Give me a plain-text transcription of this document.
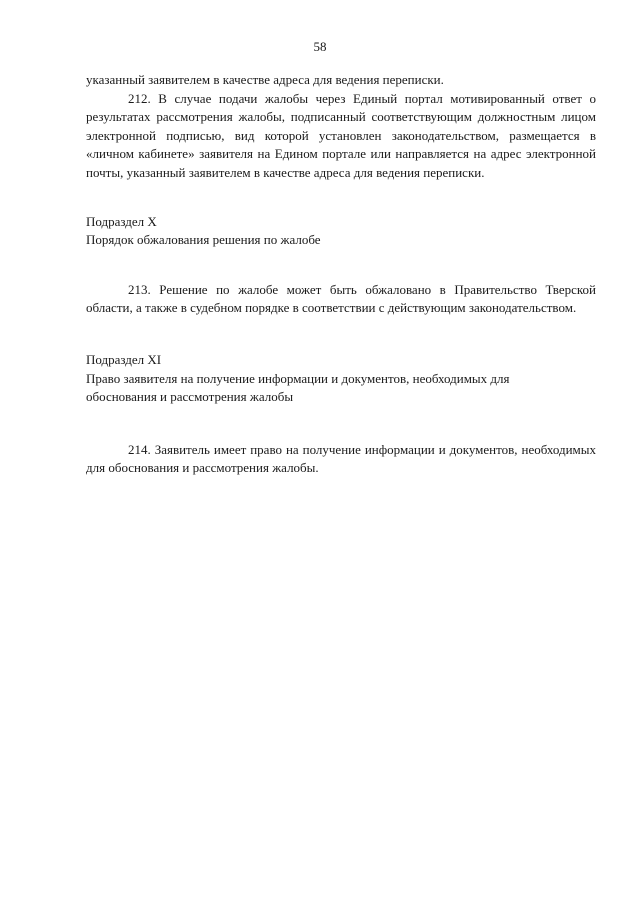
58

указанный заявителем в качестве адреса для ведения переписки.

212. В случае подачи жалобы через Единый портал мотивированный ответ о результатах рассмотрения жалобы, подписанный соответствующим должностным лицом электронной подписью, вид которой установлен законодательством, размещается в «личном кабинете» заявителя на Едином портале или направляется на адрес электронной почты, указанный заявителем в качестве адреса для ведения переписки.

Подраздел X

Порядок обжалования решения по жалобе

213. Решение по жалобе может быть обжаловано в Правительство Тверской области, а также в судебном порядке в соответствии с действующим законодательством.

Подраздел XI

Право заявителя на получение информации и документов, необходимых для

обоснования и рассмотрения жалобы

214. Заявитель имеет право на получение информации и документов, необходимых для обоснования и рассмотрения жалобы.
